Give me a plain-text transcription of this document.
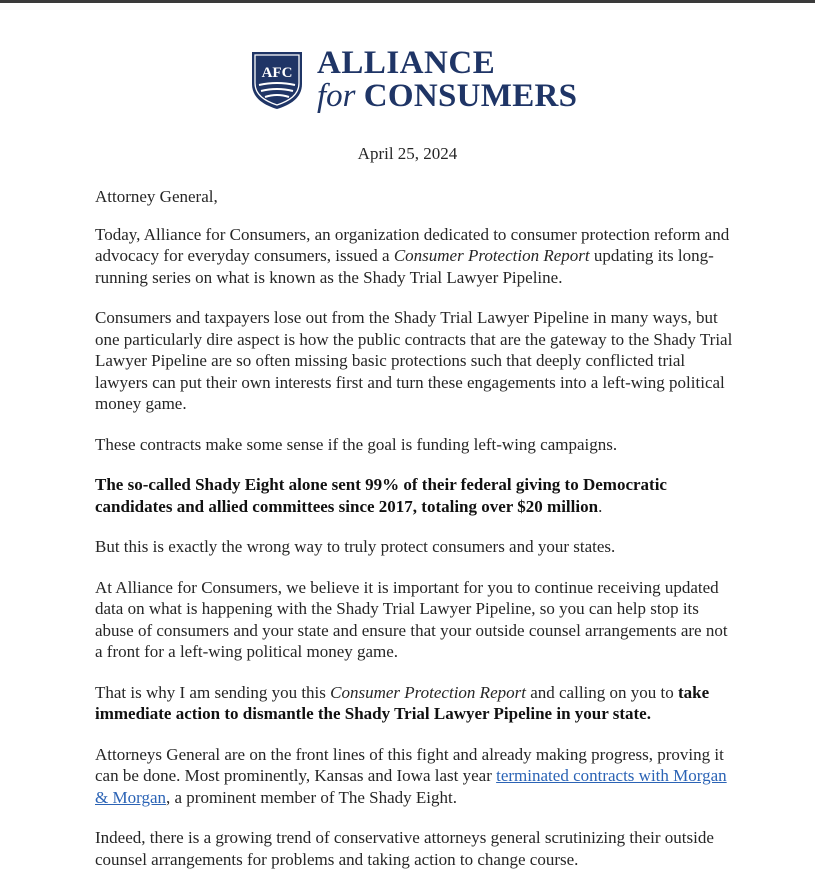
AFC ALLIANCE
for CONSUMERS
April 25, 2024

Attorney General,

Today, Alliance for Consumers, an organization dedicated to consumer protection reform and advocacy for everyday consumers, issued a Consumer Protection Report updating its long-running series on what is known as the Shady Trial Lawyer Pipeline.

Consumers and taxpayers lose out from the Shady Trial Lawyer Pipeline in many ways, but one particularly dire aspect is how the public contracts that are the gateway to the Shady Trial Lawyer Pipeline are so often missing basic protections such that deeply conflicted trial lawyers can put their own interests first and turn these engagements into a left-wing political money game.

These contracts make some sense if the goal is funding left-wing campaigns.

The so-called Shady Eight alone sent 99% of their federal giving to Democratic candidates and allied committees since 2017, totaling over $20 million.

But this is exactly the wrong way to truly protect consumers and your states.

At Alliance for Consumers, we believe it is important for you to continue receiving updated data on what is happening with the Shady Trial Lawyer Pipeline, so you can help stop its abuse of consumers and your state and ensure that your outside counsel arrangements are not a front for a left-wing political money game.

That is why I am sending you this Consumer Protection Report and calling on you to take immediate action to dismantle the Shady Trial Lawyer Pipeline in your state.

Attorneys General are on the front lines of this fight and already making progress, proving it can be done. Most prominently, Kansas and Iowa last year terminated contracts with Morgan & Morgan, a prominent member of The Shady Eight.

Indeed, there is a growing trend of conservative attorneys general scrutinizing their outside counsel arrangements for problems and taking action to change course.
